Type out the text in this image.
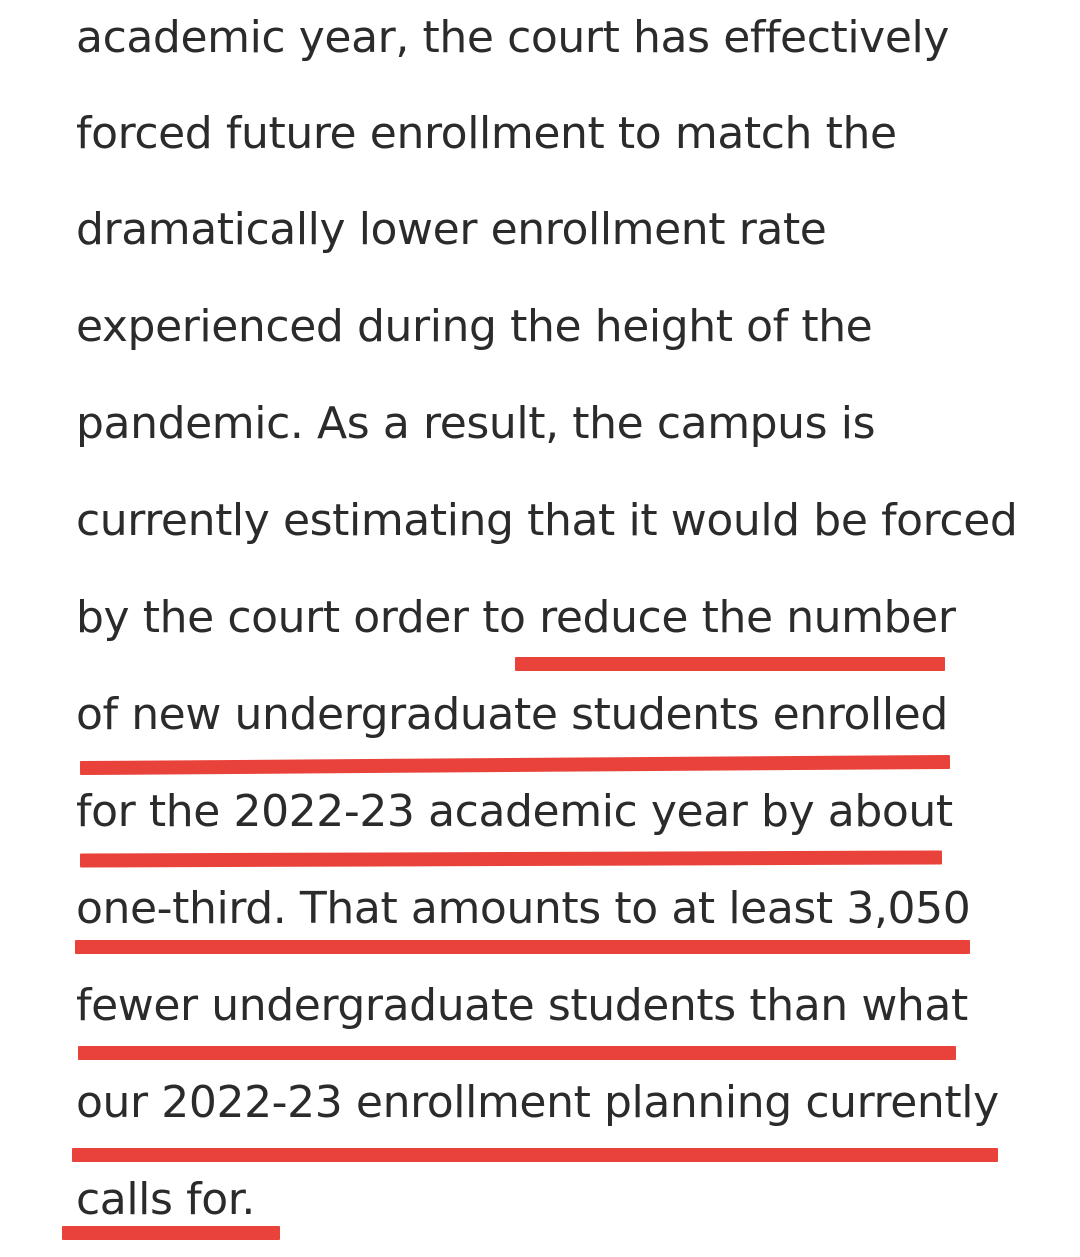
academic year, the court has effectively

forced future enrollment to match the

dramatically lower enrollment rate

experienced during the height of the

pandemic. As a result, the campus is

currently estimating that it would be forced

by the court order to reduce the number

of new undergraduate students enrolled

for the 2022-23 academic year by about

one-third. That amounts to at least 3,050

fewer undergraduate students than what

our 2022-23 enrollment planning currently

calls for.
